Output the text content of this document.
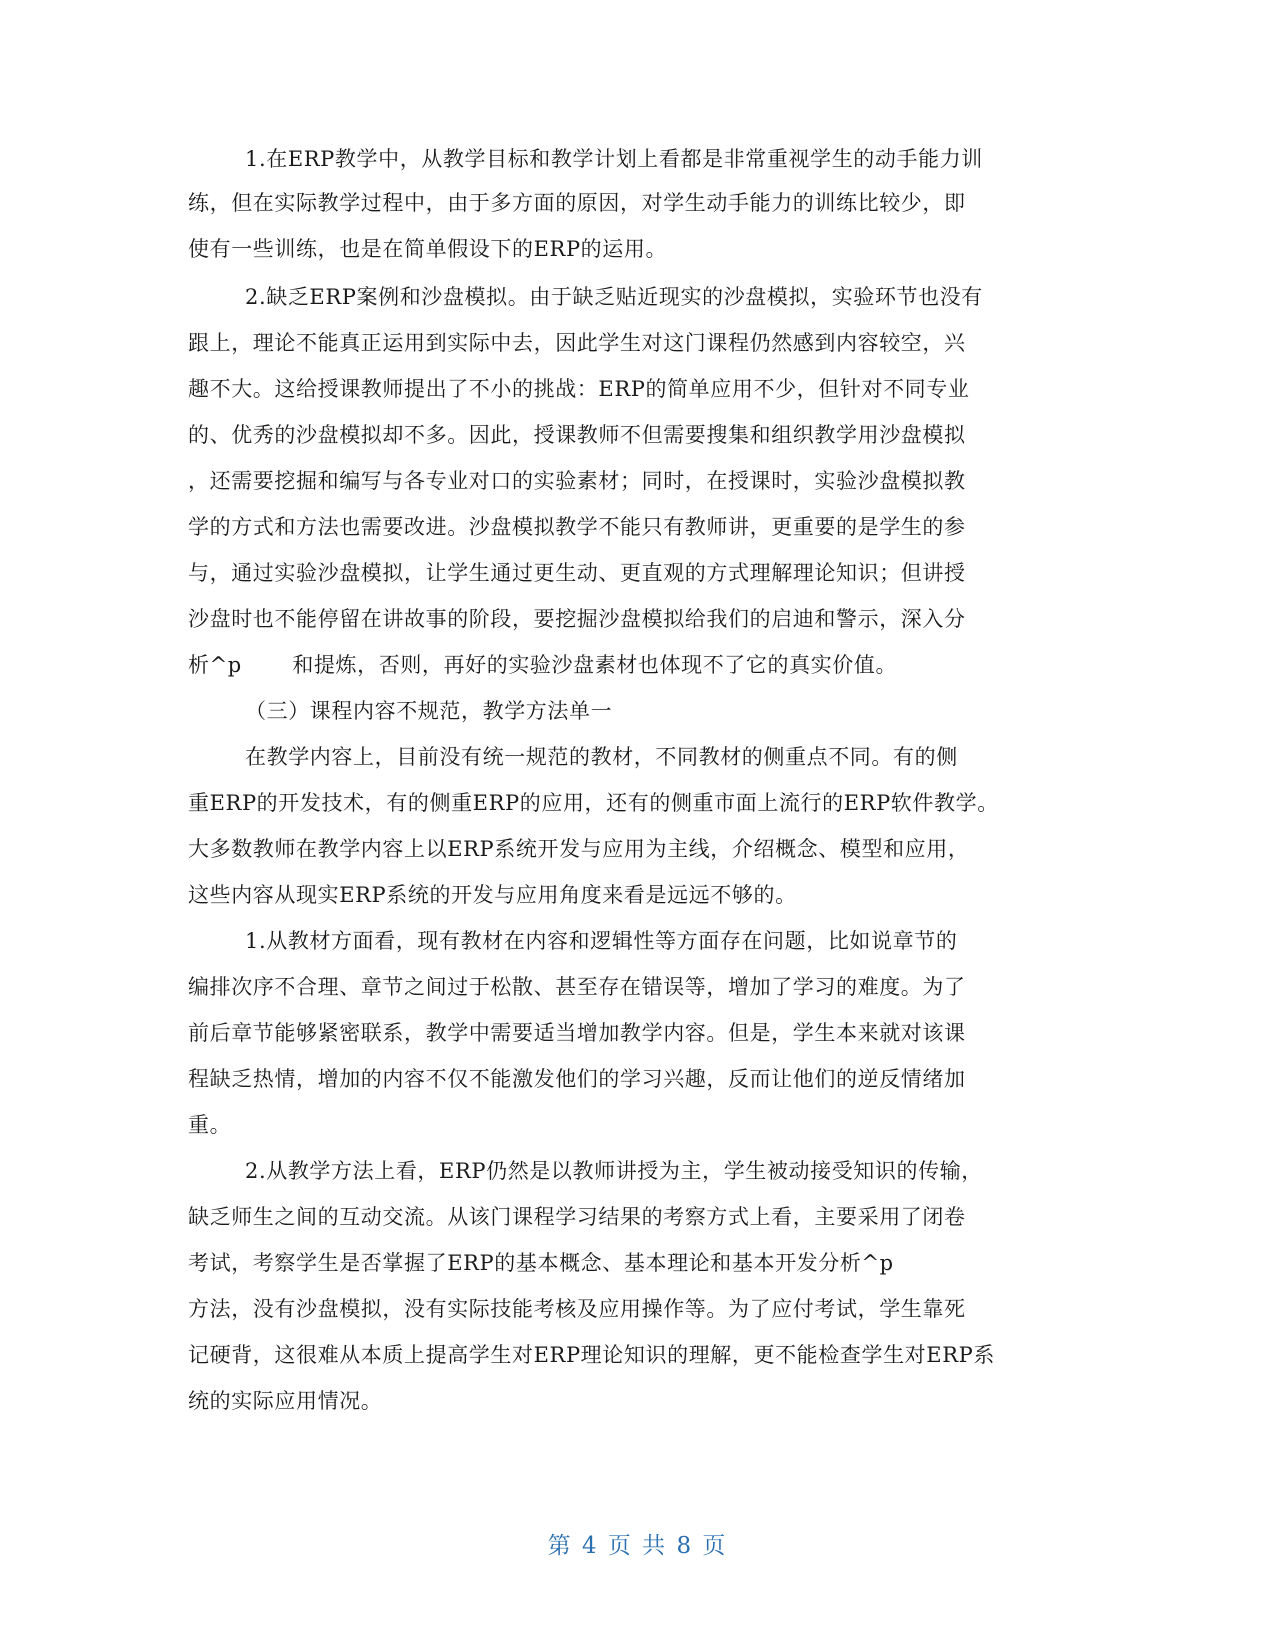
1.在ERP教学中，从教学目标和教学计划上看都是非常重视学生的动手能力训
练，但在实际教学过程中，由于多方面的原因，对学生动手能力的训练比较少，即
使有一些训练，也是在简单假设下的ERP的运用。
2.缺乏ERP案例和沙盘模拟。由于缺乏贴近现实的沙盘模拟，实验环节也没有
跟上，理论不能真正运用到实际中去，因此学生对这门课程仍然感到内容较空，兴
趣不大。这给授课教师提出了不小的挑战：ERP的简单应用不少，但针对不同专业
的、优秀的沙盘模拟却不多。因此，授课教师不但需要搜集和组织教学用沙盘模拟
，还需要挖掘和编写与各专业对口的实验素材；同时，在授课时，实验沙盘模拟教
学的方式和方法也需要改进。沙盘模拟教学不能只有教师讲，更重要的是学生的参
与，通过实验沙盘模拟，让学生通过更生动、更直观的方式理解理论知识；但讲授
沙盘时也不能停留在讲故事的阶段，要挖掘沙盘模拟给我们的启迪和警示，深入分
析^p 　　和提炼，否则，再好的实验沙盘素材也体现不了它的真实价值。
（三）课程内容不规范，教学方法单一
在教学内容上，目前没有统一规范的教材，不同教材的侧重点不同。有的侧
重ERP的开发技术，有的侧重ERP的应用，还有的侧重市面上流行的ERP软件教学。
大多数教师在教学内容上以ERP系统开发与应用为主线，介绍概念、模型和应用，
这些内容从现实ERP系统的开发与应用角度来看是远远不够的。
1.从教材方面看，现有教材在内容和逻辑性等方面存在问题，比如说章节的
编排次序不合理、章节之间过于松散、甚至存在错误等，增加了学习的难度。为了
前后章节能够紧密联系，教学中需要适当增加教学内容。但是，学生本来就对该课
程缺乏热情，增加的内容不仅不能激发他们的学习兴趣，反而让他们的逆反情绪加
重。
2.从教学方法上看，ERP仍然是以教师讲授为主，学生被动接受知识的传输，
缺乏师生之间的互动交流。从该门课程学习结果的考察方式上看，主要采用了闭卷
考试，考察学生是否掌握了ERP的基本概念、基本理论和基本开发分析^p
方法，没有沙盘模拟，没有实际技能考核及应用操作等。为了应付考试，学生靠死
记硬背，这很难从本质上提高学生对ERP理论知识的理解，更不能检查学生对ERP系
统的实际应用情况。
第 4 页 共 8 页
